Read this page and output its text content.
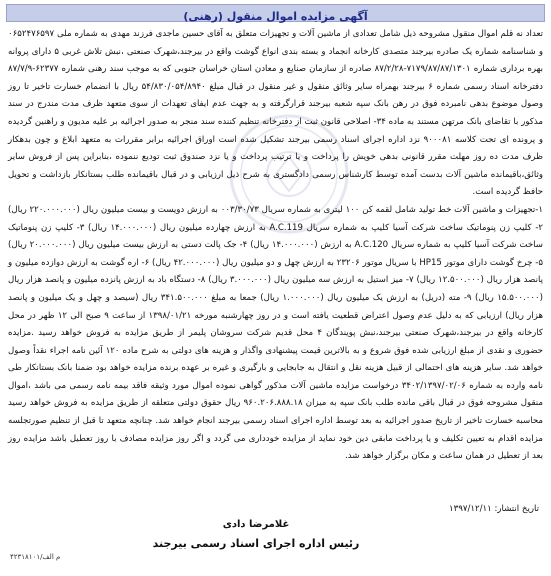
آگهی مزایده اموال منقول (رهنی)

تعداد نه قلم اموال منقول مشروحه ذیل شامل تعدادی از ماشین آلات و تجهیزات متعلق به آقای حسین ماجدی فرزند مهدی به شماره ملی ۰۶۵۲۴۷۶۵۹۷ و شناسنامه شماره یک صادره بیرجند متصدی کارخانه انجماد و بسته بندی انواع گوشت واقع در بیرجند،شهرک صنعتی ،نبش تلاش غربی ۵ دارای پروانه بهره برداری شماره ۷۱۷۹/۸۷/۸۷/۱۳۰۱-۸۷/۲/۲۸ صادره از سازمان صنایع و معادن استان خراسان جنوبی که به موجب سند رهنی شماره ۶۲۳۷۷-۸۷/۷/۹ دفترخانه اسناد رسمی شماره ۶ بیرجند بهمراه سایر وثائق منقول و غیر منقول در قبال مبلغ ۵۴/۸۳۰/۰۵۴/۸۹۴۰ ریال با انضمام خسارت تاخیر تا روز وصول موضوع بدهی نامبرده فوق در رهن بانک سپه شعبه بیرجند قرارگرفته و به جهت عدم ایفای تعهدات از سوی متعهد ظرف مدت مندرج در سند مذکور با تقاضای بانک مرتهن مستند به ماده ۳۴- اصلاحی قانون ثبت از دفترخانه تنظیم کننده سند منجر به صدور اجرائیه بر علیه مدیون و راهنین گردیده و پرونده ای تحت کلاسه ۹۰۰۰۸۱ نزد اداره اجرای اسناد رسمی بیرجند تشکیل شده است اوراق اجرائیه برابر مقررات به متعهد ابلاغ و چون بدهکار ظرف مدت ده روز مهلت مقرر قانونی بدهی خویش را پرداخت و یا ترتیب پرداخت و یا نزد صندوق ثبت تودیع ننموده ،بنابراین پس از فروش سایر وثائق،باقیمانده ماشین آلات بدست آمده توسط کارشناس رسمی دادگستری به شرح ذیل ارزیابی و در قبال باقیمانده طلب بستانکار بازداشت و تحویل حافظ گردیده است.

۱-تجهیزات و ماشین آلات خط تولید شامل لقمه کن ۱۰۰ لیتری به شماره سریال ۰۰۳/۳۰/۷۳ به ارزش دویست و بیست میلیون ریال (۲۲۰.۰۰۰.۰۰۰ ریال) ۲- کلیپ زن پنوماتیک ساخت شرکت آسیا کلیپ به شماره سریال A.C.119 به ارزش چهارده میلیون ریال (۱۴.۰۰۰.۰۰۰ ریال) ۳- کلیپ زن پنوماتیک ساخت شرکت آسیا کلیپ به شماره سریال A.C.120 به ارزش (۱۴.۰۰۰.۰۰۰ ریال) ۴- جک پالت دستی به ارزش بیست میلیون ریال (۲۰.۰۰۰.۰۰۰ ریال) ۵- چرخ گوشت دارای موتور HP15 با سریال موتور ۲۳۲۰۶ به ارزش چهل و دو میلیون ریال (۴۲.۰۰۰.۰۰۰ ریال) ۶- اره گوشت به ارزش دوازده میلیون و پانصد هزار ریال (۱۲.۵۰۰.۰۰۰ ریال) ۷- میز استیل به ارزش سه میلیون ریال (۳.۰۰۰.۰۰۰ ریال) ۸- دستگاه باد به ارزش پانزده میلیون و پانصد هزار ریال (۱۵.۵۰۰.۰۰۰ ریال) ۹- مته (دریل) به ارزش یک میلیون ریال (۱.۰۰۰.۰۰۰ ریال) جمعا به مبلغ ۳۴۱.۵۰۰.۰۰۰ ریال (سیصد و چهل و یک میلیون و پانصد هزار ریال) ارزیابی که به دلیل عدم وصول اعتراض قطعیت یافته است و در روز چهارشنبه مورخه ۱۳۹۸/۰۱/۲۱ از ساعت ۹ صبح الی ۱۲ ظهر در محل کارخانه واقع در بیرجند،شهرک صنعتی بیرجند،نبش پویندگان ۴ محل قدیم شرکت سروشان پلیمر از طریق مزایده به فروش خواهد رسید .مزایده حضوری و نقدی از مبلغ ارزیابی شده فوق شروع و به بالاترین قیمت پیشنهادی واگذار و هزینه های دولتی به شرح ماده ۱۲۰ آئین نامه اجراء نقداً وصول خواهد شد. سایر هزینه های احتمالی از قبیل هزینه نقل و انتقال به جابجایی و بارگیری و غیره بر عهده برنده مزایده خواهد بود ضمنا بانک بستانکار طی نامه وارده به شماره ۳۴۰۲/۱۳۹۷/۰۲/۰۶ درخواست مزایده ماشین آلات مذکور گواهی نموده اموال مورد وثیقه فاقد بیمه نامه رسمی می باشد ،اموال منقول مشروحه فوق در قبال باقی مانده طلب بانک سپه به میزان ۹۶۰.۲۰۶.۸۸۸.۱۸ ریال حقوق دولتی متعلقه از طریق مزایده به فروش خواهد رسید محاسبه خسارت تاخیر از تاریخ صدور اجرائیه به بعد توسط اداره اجرای اسناد رسمی بیرجند انجام خواهد شد. چنانچه متعهد تا قبل از تنظیم صورتجلسه مزایده اقدام به تعیین تکلیف و یا پرداخت مابقی دین خود نماید از مزایده خودداری می گردد و اگر روز مزایده مصادف با روز تعطیل باشد مزایده روز بعد از تعطیل در همان ساعت و مکان برگزار خواهد شد.

تاریخ انتشار: ۱۳۹۷/۱۲/۱۱
غلامرضا دادی
رئیس اداره اجرای اسناد رسمی بیرجند
م الف/۴۲۳۱۸۱۰۱
